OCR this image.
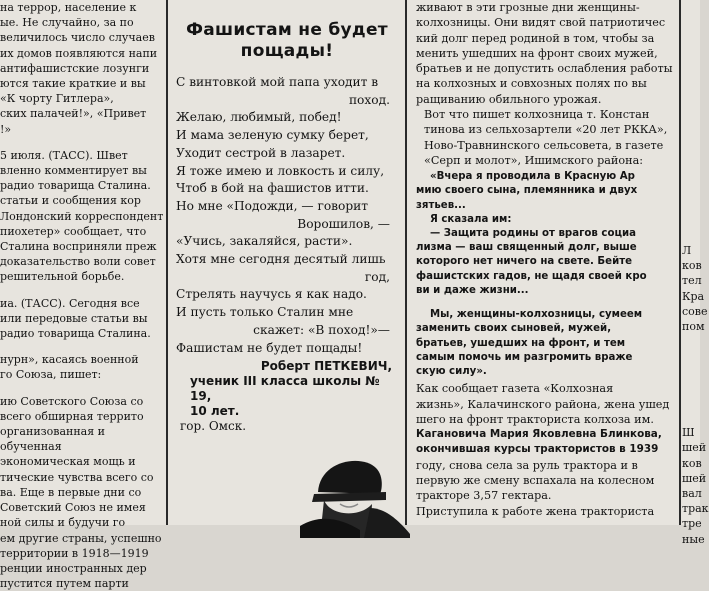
на террор, население к
ые. Не случайно, за по
величилось число случаев
их домов появляются напи
антифашистские лозунги
ются такие краткие и вы
«К чорту Гитлера»,
ских палачей!», «Привет
!»
5 июля. (ТАСС). Швет
вленно комментирует вы
радио товарища Сталина.
статьи и сообщения кор
Лондонский корреспондент
пиохетер» сообщает, что
Сталина восприняли преж
доказательство воли совет
решительной борьбе.
иа. (ТАСС). Сегодня все
или передовые статьи вы
радио товарища Сталина.
нурн», касаясь военной
го Союза, пишет:
ию Советского Союза со
всего обширная террито
организованная и обученная
экономическая мощь и
тические чувства всего со
ва. Еще в первые дни со
Советский Союз не имея
ной силы и будучи го
ем другие страны, успешно
территории в 1918—1919
ренции иностранных дер
пустится путем парти
Фашистам не будет
пощады!
С винтовкой мой папа уходит в
поход.
Желаю, любимый, побед!
И мама зеленую сумку берет,
Уходит сестрой в лазарет.
Я тоже имею и ловкость и силу,
Чтоб в бой на фашистов итти.
Но мне «Подожди, — говорит
Ворошилов, —
«Учись, закаляйся, расти».
Хотя мне сегодня десятый лишь
год,
Стрелять научусь я как надо.
И пусть только Сталин мне
скажет: «В поход!»—
Фашистам не будет пощады!
Роберт ПЕТКЕВИЧ,
ученик III класса школы № 19,
10 лет.
гор. Омск.
живают в эти грозные дни женщины-
колхозницы. Они видят свой патриотичес
кий долг перед родиной в том, чтобы за
менить ушедших на фронт своих мужей,
братьев и не допустить ослабления работы
на колхозных и совхозных полях по вы
ращиванию обильного урожая.
Вот что пишет колхозница т. Констан
тинова из сельхозартели «20 лет РККА»,
Ново-Травнинского сельсовета, в газете
«Серп и молот», Ишимского района:
«Вчера я проводила в Красную Ар
мию своего сына, племянника и двух
зятьев...
Я сказала им:
— Защита родины от врагов социа
лизма — ваш священный долг, выше
которого нет ничего на свете. Бейте
фашистских гадов, не щадя своей кро
ви и даже жизни...
Мы, женщины-колхозницы, сумеем
заменить своих сыновей, мужей,
братьев, ушедших на фронт, и тем
самым помочь им разгромить враже
скую силу».
Как сообщает газета «Колхозная
жизнь», Калачинского района, жена ушед
шего на фронт тракториста колхоза им.
Кагановича Мария Яковлевна Блинкова,
окончившая курсы трактористов в 1939
году, снова села за руль трактора и в
первую же смену вспахала на колесном
тракторе 3,57 гектара.
Приступила к работе жена тракториста
Л
ков
тел
Кра
сове
пом
Ш
шей
ков
шей
вал
трак
тре
ные
